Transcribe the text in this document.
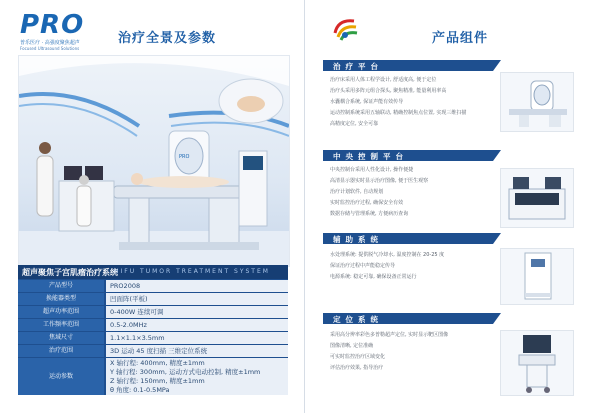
PRO
普乐医疗 · 高强度聚焦超声
Focused Ultrasound Solutions
治疗全景及参数
PRO
超声聚焦子宫肌瘤治疗系统
HIFU TUMOR TREATMENT SYSTEM
产品型号	PRO2008
换能器类型	凹面阵(平板)
超声功率范围	0-400W 连续可调
工作频率范围	0.5-2.0MHz
焦域尺寸	1.1×1.1×3.5mm
治疗范围	3D 运动 45 度扫描 三维定位系统
运动参数
X 轴行程: 400mm, 精度±1mm
Y 轴行程: 300mm, 运动方式电动控制, 精度±1mm
Z 轴行程: 150mm, 精度±1mm
θ 角度: 0.1-0.5MPa
产品组件
治疗平台
治疗床采用人体工程学设计, 舒适度高, 便于定位
治疗头采用多阵元组合探头, 聚焦精准, 能量利用率高
水囊耦合系统, 保证声能有效传导
运动控制系统采用五轴联动, 精确控制焦点位置, 实现三维扫描
高精度定位, 安全可靠
中央控制平台
中央控制台采用人性化设计, 操作便捷
高清显示器实时显示治疗图像, 便于医生观察
治疗计划软件, 自动规划
实时监控治疗过程, 确保安全有效
数据存储与管理系统, 方便病历查询
辅助系统
水处理系统: 提供脱气冷却水, 温度控制在 20-25 度
保证治疗过程中声能稳定传导
电源系统: 稳定可靠, 确保设备正常运行
定位系统
采用高分辨率彩色多普勒超声定位, 实时显示靶区图像
图像清晰, 定位准确
可实时监控治疗区域变化
评估治疗效果, 指导治疗
